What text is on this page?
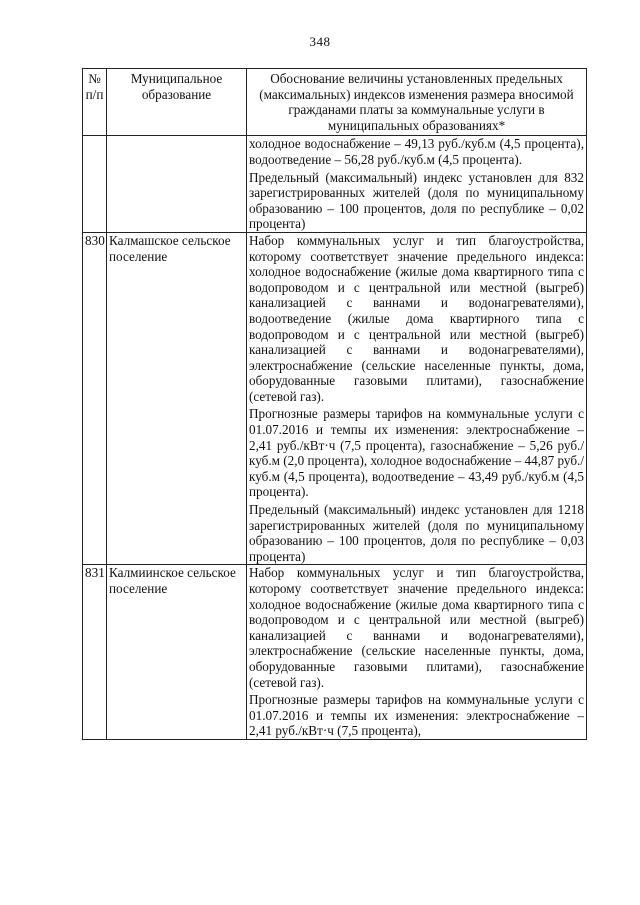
348
№ п/п	Муниципальное образование	Обоснование величины установленных предельных (максимальных) индексов изменения размера вносимой гражданами платы за коммунальные услуги в муниципальных образованиях*

		холодное водоснабжение – 49,13 руб./куб.м (4,5 процента), водоотведение – 56,28 руб./куб.м (4,5 процента).

Предельный (максимальный) индекс установлен для 832 зарегистрированных жителей (доля по муниципальному образованию – 100 процентов, доля по республике – 0,02 процента)

830	Калмашское сельское поселение	Набор коммунальных услуг и тип благоустройства, которому соответствует значение предельного индекса: холодное водоснабжение (жилые дома квартирного типа с водопроводом и с центральной или местной (выгреб) канализацией с ваннами и водонагревателями), водоотведение (жилые дома квартирного типа с водопроводом и с центральной или местной (выгреб) канализацией с ваннами и водонагревателями), электроснабжение (сельские населенные пункты, дома, оборудованные газовыми плитами), газоснабжение (сетевой газ).

Прогнозные размеры тарифов на коммунальные услуги с 01.07.2016 и темпы их изменения: электроснабжение – 2,41 руб./кВт·ч (7,5 процента), газоснабжение – 5,26 руб./куб.м (2,0 процента), холодное водоснабжение – 44,87 руб./куб.м (4,5 процента), водоотведение – 43,49 руб./куб.м (4,5 процента).

Предельный (максимальный) индекс установлен для 1218 зарегистрированных жителей (доля по муниципальному образованию – 100 процентов, доля по республике – 0,03 процента)

831	Калмиинское сельское поселение	Набор коммунальных услуг и тип благоустройства, которому соответствует значение предельного индекса: холодное водоснабжение (жилые дома квартирного типа с водопроводом и с центральной или местной (выгреб) канализацией с ваннами и водонагревателями), электроснабжение (сельские населенные пункты, дома, оборудованные газовыми плитами), газоснабжение (сетевой газ).

Прогнозные размеры тарифов на коммунальные услуги с 01.07.2016 и темпы их изменения: электроснабжение – 2,41 руб./кВт·ч (7,5 процента),
